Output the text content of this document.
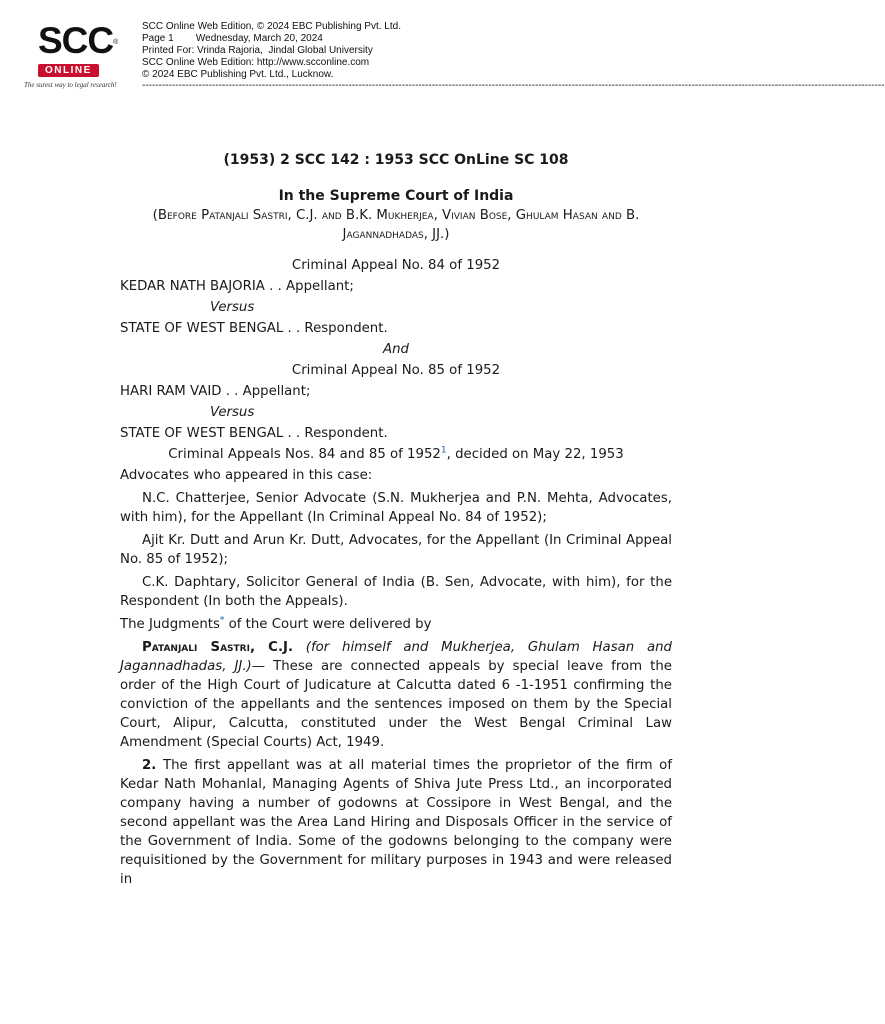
SCC®
ONLINE
The surest way to legal research!
SCC Online Web Edition, © 2024 EBC Publishing Pvt. Ltd.
Page 1        Wednesday, March 20, 2024
Printed For: Vrinda Rajoria,  Jindal Global University
SCC Online Web Edition: http://www.scconline.com
© 2024 EBC Publishing Pvt. Ltd., Lucknow.
-------------------------------------------------------------------------------------------------------------------------------------------------------------------------------------------------------------------------------
(1953) 2 SCC 142 : 1953 SCC OnLine SC 108
In the Supreme Court of India
(Before Patanjali Sastri, C.J. and B.K. Mukherjea, Vivian Bose, Ghulam Hasan and B. Jagannadhadas, JJ.)
Criminal Appeal No. 84 of 1952
KEDAR NATH BAJORIA . . Appellant;
Versus
STATE OF WEST BENGAL . . Respondent.
And
Criminal Appeal No. 85 of 1952
HARI RAM VAID . . Appellant;
Versus
STATE OF WEST BENGAL . . Respondent.
Criminal Appeals Nos. 84 and 85 of 1952$^1$, decided on May 22, 1953
Advocates who appeared in this case:
N.C. Chatterjee, Senior Advocate (S.N. Mukherjea and P.N. Mehta, Advocates, with him), for the Appellant (In Criminal Appeal No. 84 of 1952);
Ajit Kr. Dutt and Arun Kr. Dutt, Advocates, for the Appellant (In Criminal Appeal No. 85 of 1952);
C.K. Daphtary, Solicitor General of India (B. Sen, Advocate, with him), for the Respondent (In both the Appeals).
The Judgments* of the Court were delivered by
Patanjali Sastri, C.J. (for himself and Mukherjea, Ghulam Hasan and Jagannadhadas, JJ.)— These are connected appeals by special leave from the order of the High Court of Judicature at Calcutta dated 6 -1-1951 confirming the conviction of the appellants and the sentences imposed on them by the Special Court, Alipur, Calcutta, constituted under the West Bengal Criminal Law Amendment (Special Courts) Act, 1949.
2. The first appellant was at all material times the proprietor of the firm of Kedar Nath Mohanlal, Managing Agents of Shiva Jute Press Ltd., an incorporated company having a number of godowns at Cossipore in West Bengal, and the second appellant was the Area Land Hiring and Disposals Officer in the service of the Government of India. Some of the godowns belonging to the company were requisitioned by the Government for military purposes in 1943 and were released in
